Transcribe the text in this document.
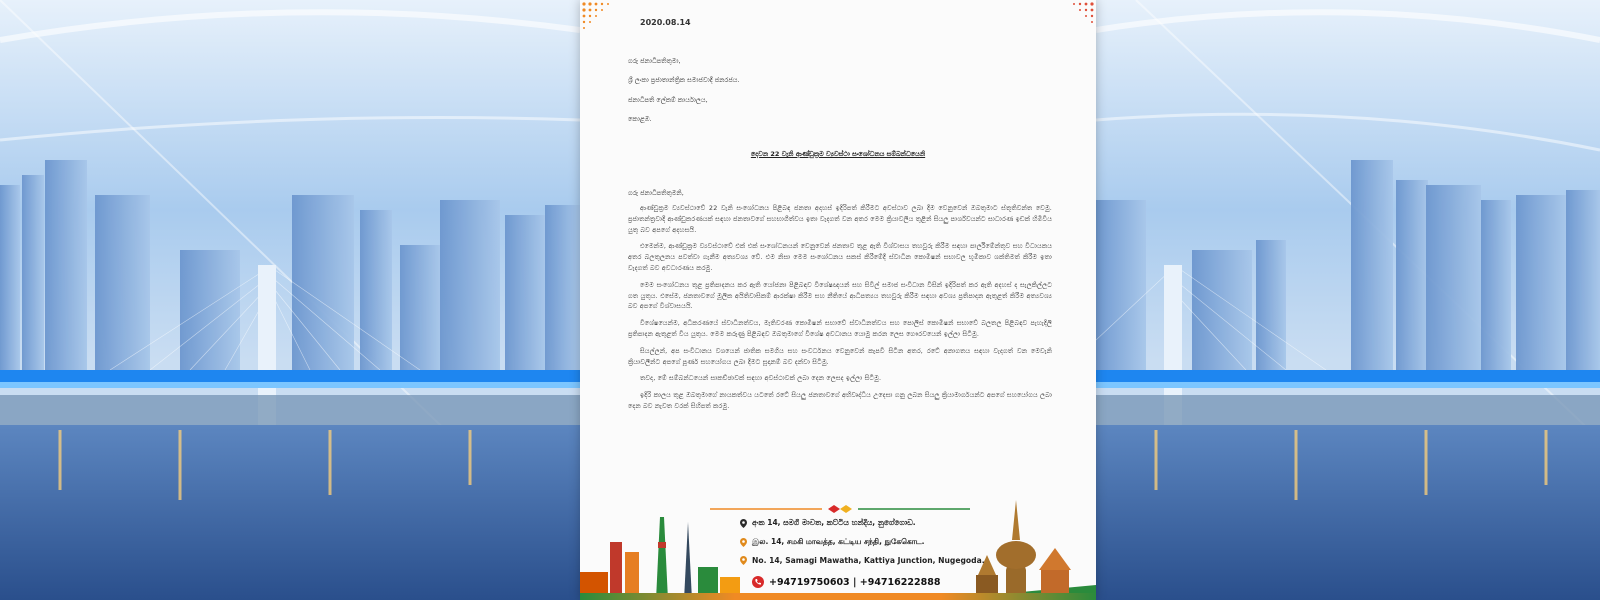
2020.08.14
ගරු ජනාධිපතිතුමා,
ශ්‍රී ලංකා ප්‍රජාතාන්ත්‍රික සමාජවාදී ජනරජය.
ජනාධිපති ලේකම් කාර්යාලය,
කොළඹ.
දෙවන 22 වැනි ආණ්ඩුක්‍රම ව්‍යවස්ථා සංශෝධනය සම්බන්ධයෙනි
ගරු ජනාධිපතිතුමනි,

ආණ්ඩුක්‍රම ව්‍යවස්ථාවේ 22 වැනි සංශෝධනය පිළිබඳ ජනතා අදහස් ඉදිරිපත් කිරීමට අවස්ථාව ලබා දීම වෙනුවෙන් ඔබතුමාට ස්තූතිවන්ත වෙමු. ප්‍රජාතන්ත්‍රවාදී ආණ්ඩුකරණයක් සඳහා ජනතාවගේ සහභාගීත්වය ඉතා වැදගත් වන අතර මෙම ක්‍රියාවලිය තුළින් සියලු පාර්ශ්වයන්ට සාධාරණ ඉඩක් හිමිවිය යුතු බව අපගේ අදහසයි.

එමෙන්ම, ආණ්ඩුක්‍රම ව්‍යවස්ථාවේ එක් එක් සංශෝධනයන් වෙනුවෙන් ජනතාව තුළ ඇති විශ්වාසය තහවුරු කිරීම සඳහා පාර්ලිමේන්තුව සහ විධායකය අතර බලතුලනය පවත්වා ගැනීම අත්‍යවශ්‍ය වේ. එම නිසා මෙම සංශෝධනය සකස් කිරීමේදී ස්වාධීන කොමිෂන් සභාවල භූමිකාව ශක්තිමත් කිරීම ඉතා වැදගත් බව අවධාරණය කරමු.

මෙම සංශෝධනය තුළ ප්‍රතිපාදනය කර ඇති යෝජනා පිළිබඳව විශේෂඥයන් සහ සිවිල් සමාජ සංවිධාන විසින් ඉදිරිපත් කර ඇති අදහස් ද සැලකිල්ලට ගත යුතුය. එසේම, ජනතාවගේ මූලික අයිතිවාසිකම් ආරක්ෂා කිරීම සහ නීතියේ ආධිපත්‍යය තහවුරු කිරීම සඳහා අවශ්‍ය ප්‍රතිපාදන ඇතුළත් කිරීම අත්‍යවශ්‍ය බව අපගේ විශ්වාසයයි.

විශේෂයෙන්ම, අධිකරණයේ ස්වාධීනත්වය, මැතිවරණ කොමිෂන් සභාවේ ස්වාධීනත්වය සහ පොලිස් කොමිෂන් සභාවේ බලතල පිළිබඳව පැහැදිලි ප්‍රතිපාදන ඇතුළත් විය යුතුය. මෙම කරුණු පිළිබඳව ඔබතුමාගේ විශේෂ අවධානය යොමු කරන ලෙස ගෞරවයෙන් ඉල්ලා සිටිමු.

සියල්ලන්, අප සංවිධානය වශයෙන් ජාතික සමගිය සහ සංවර්ධනය වෙනුවෙන් කැපවී සිටින අතර, රටේ අනාගතය සඳහා වැදගත් වන මෙවැනි ක්‍රියාවලීන්ට අපගේ පූර්ණ සහයෝගය ලබා දීමට සූදානම් බව දන්වා සිටිමු.

තවද, මේ සම්බන්ධයෙන් සාකච්ඡාවක් සඳහා අවස්ථාවක් ලබා දෙන ලෙසද ඉල්ලා සිටිමු.

ඉදිරි කාලය තුළ ඔබතුමාගේ නායකත්වය යටතේ රටේ සියලු ජනතාවගේ අභිවෘද්ධිය උදෙසා ගනු ලබන සියලු ක්‍රියාමාර්ගයන්ට අපගේ සහයෝගය ලබා දෙන බව නැවත වරක් සිහිපත් කරමු.

අංක 14, සමගි මාවත, කට්ටිය හන්දිය, නුගේගොඩ.
இல. 14, சமகி மாவத்த, கட்டிய சந்தி, நுகேகொட.
No. 14, Samagi Mawatha, Kattiya Junction, Nugegoda.
+94719750603 | +94716222888
